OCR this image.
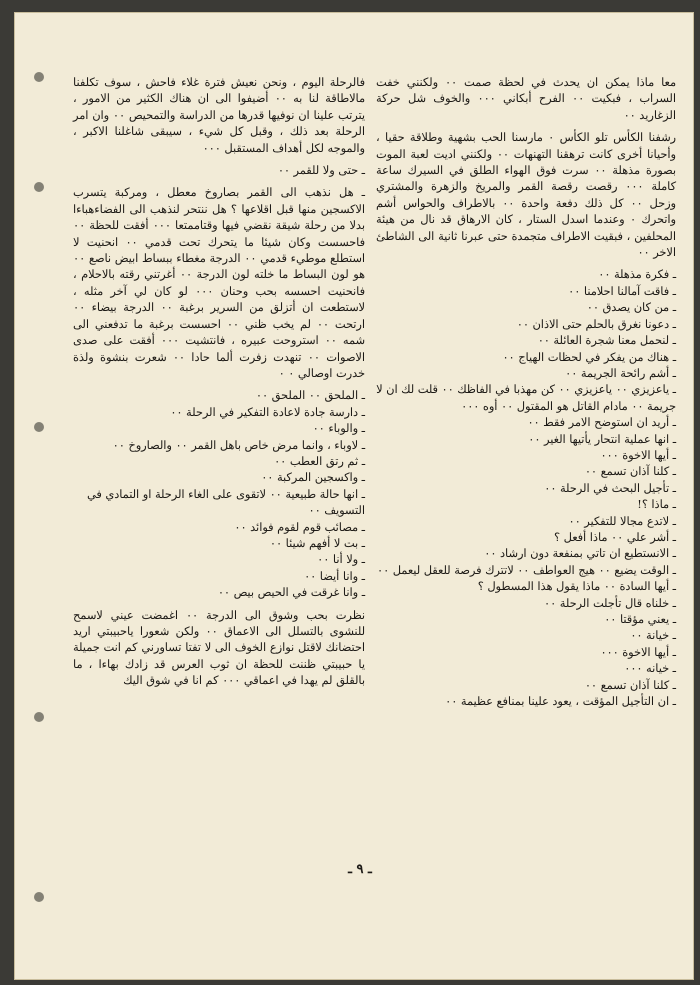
معا ماذا يمكن ان يحدث في لحظة صمت ٠٠ ولكنني خفت السراب ، فبكيت ٠٠ الفرح أبكاني ٠٠٠ والخوف شل حركة الزغاريد ٠٠

رشفنا الكأس تلو الكأس ٠ مارسنا الحب بشهية وطلاقة حقيا ، وأحيانا أخرى كانت ترهقنا التهنهات ٠٠ ولكنني اديت لعبة الموت بصورة مذهلة ٠٠ سرت فوق الهواء الطلق في السيرك ساعة كاملة ٠٠٠ رقصت رقصة القمر والمريخ والزهرة والمشتري وزحل ٠٠ كل ذلك دفعة واحدة ٠٠ بالاطراف والحواس أشم واتحرك ٠ وعندما اسدل الستار ، كان الارهاق قد نال من هيئة المحلفين ، فبقيت الاطراف متجمدة حتى عبرنا ثانية الى الشاطئ الاخر ٠٠

ـ فكرة مذهلة ٠٠

ـ فاقت آمالنا احلامنا ٠٠

ـ من كان يصدق ٠٠

ـ دعونا نغرق بالحلم حتى الاذان ٠٠

ـ لنحمل معنا شجرة العائلة ٠٠

ـ هناك من يفكر في لحظات الهياج ٠٠

ـ أشم رائحة الجريمة ٠٠

ـ ياعزيزي ٠٠ ياعزيزي ٠٠ كن مهذبا في الفاظك ٠٠ قلت لك ان لا جريمة ٠٠ مادام القاتل هو المقتول ٠٠ أوه ٠٠٠

ـ أريد ان استوضح الامر فقط ٠٠

ـ انها عملية انتحار يأتيها الغير ٠٠

ـ أيها الاخوة ٠٠٠

ـ كلنا آذان تسمع ٠٠

ـ تأجيل البحث في الرحلة ٠٠

ـ ماذا ؟!

ـ لاتدع مجالا للتفكير ٠٠

ـ أشر علي ٠٠ ماذا أفعل ؟

ـ الانستطيع ان تاتي بمنفعة دون ارشاد ٠٠

ـ الوقت يضيع ٠٠ هيج العواطف ٠٠ لاتترك فرصة للعقل ليعمل ٠٠

ـ أيها السادة ٠٠ ماذا يقول هذا المسطول ؟

ـ خلناه قال تأجلت الرحلة ٠٠

ـ يعني مؤقتا ٠٠

ـ خيانة ٠٠

ـ أيها الاخوة ٠٠٠

ـ خيانه ٠٠٠

ـ كلنا آذان تسمع ٠٠

ـ ان التأجيل المؤقت ، يعود علينا بمنافع عظيمة ٠٠

فالرحلة اليوم ، ونحن نعيش فترة غلاء فاحش ، سوف تكلفنا مالاطاقة لنا به ٠٠ أضيفوا الى ان هناك الكثير من الامور ، يترتب علينا ان نوفيها قدرها من الدراسة والتمحيص ٠٠ وان امر الرحلة بعد ذلك ، وقبل كل شيء ، سيبقى شاغلنا الاكبر ، والموجه لكل أهداف المستقبل ٠٠٠

ـ حتى ولا للقمر ٠٠

ـ هل نذهب الى القمر بصاروخ معطل ، ومركبة يتسرب الاكسجين منها قبل اقلاعها ؟ هل ننتحر لنذهب الى الفضاءهباءا بدلا من رحلة شيقة نقضي فيها وقتاممتعا ٠٠٠ أفقت للحظة ٠٠ فاحسست وكان شيئا ما يتحرك تحت قدمي ٠٠ انحنيت لا استطلع موطيء قدمي ٠٠ الدرجة مغطاء ببساط ابيض ناصع ٠٠ هو لون البساط ما خلته لون الدرجة ٠٠ أغرتني رقته بالاحلام ، فانحنيت احسسه بحب وحنان ٠٠٠ لو كان لي آخر مثله ، لاستطعت ان أتزلق من السرير برغبة ٠٠ الدرجة بيضاء ٠٠ ارتحت ٠٠ لم يخب ظني ٠٠ احسست برغبة ما تدفعني الى شمه ٠٠ استروحت عبيره ، فانتشيت ٠٠٠ أفقت على صدى الاصوات ٠٠ تنهدت زفرت ألما حادا ٠٠ شعرت بنشوة ولذة خدرت اوصالي ٠ ٠

ـ الملحق ٠٠ الملحق ٠٠

ـ دارسة جادة لاعادة التفكير في الرحلة ٠٠

ـ والوباء ٠٠

ـ لاوباء ، وانما مرض خاص باهل القمر ٠٠ والصاروخ ٠٠

ـ ثم رتق العطب ٠٠

ـ واكسجين المركبة ٠٠

ـ انها حالة طبيعية ٠٠ لاتقوى على الغاء الرحلة او التمادي في التسويف ٠٠

ـ مصائب قوم لقوم فوائد ٠٠

ـ بت لا أفهم شيئا ٠٠

ـ ولا أنا ٠٠

ـ وانا أيضا ٠٠

ـ وانا غرقت في الحيص بيص ٠٠

نظرت بحب وشوق الى الدرجة ٠٠ اغمضت عيني لاسمح للنشوى بالتسلل الى الاعماق ٠٠ ولكن شعورا ياحبيبتي اريد احتضانك لاقتل نوازع الخوف الى لا تفتا تساورني كم انت جميلة يا حبيبتي ظننت للحظة ان ثوب العرس قد زادك بهاءا ، ما بالقلق لم يهدا في اعماقي ٠٠٠ كم انا في شوق اليك

ـ ٩ ـ
